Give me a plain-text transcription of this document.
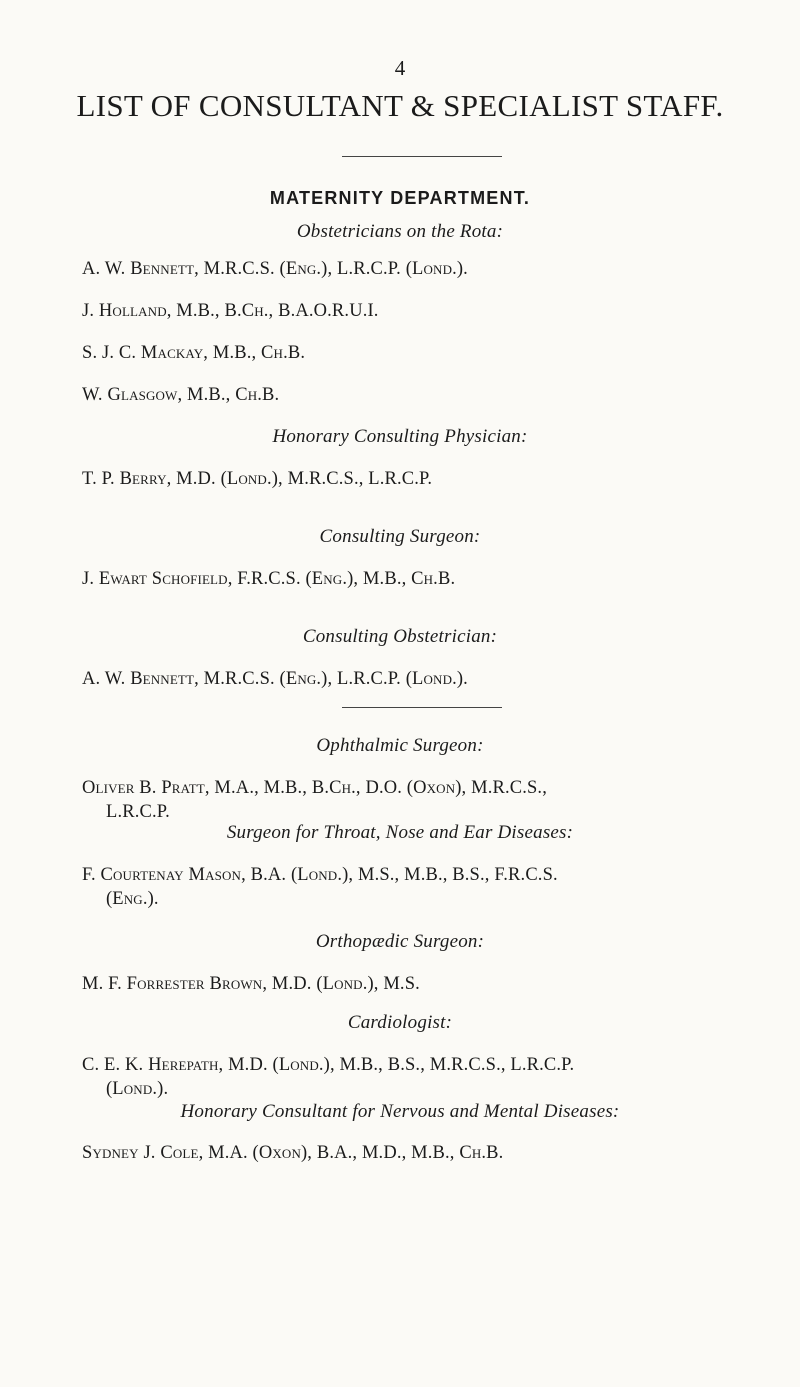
4
LIST OF CONSULTANT & SPECIALIST STAFF.
MATERNITY DEPARTMENT.
Obstetricians on the Rota:
A. W. Bennett, M.R.C.S. (Eng.), L.R.C.P. (Lond.).
J. Holland, M.B., B.Ch., B.A.O.R.U.I.
S. J. C. Mackay, M.B., Ch.B.
W. Glasgow, M.B., Ch.B.
Honorary Consulting Physician:
T. P. Berry, M.D. (Lond.), M.R.C.S., L.R.C.P.
Consulting Surgeon:
J. Ewart Schofield, F.R.C.S. (Eng.), M.B., Ch.B.
Consulting Obstetrician:
A. W. Bennett, M.R.C.S. (Eng.), L.R.C.P. (Lond.).
Ophthalmic Surgeon:
Oliver B. Pratt, M.A., M.B., B.Ch., D.O. (Oxon), M.R.C.S.,
L.R.C.P.
Surgeon for Throat, Nose and Ear Diseases:
F. Courtenay Mason, B.A. (Lond.), M.S., M.B., B.S., F.R.C.S.
(Eng.).
Orthopædic Surgeon:
M. F. Forrester Brown, M.D. (Lond.), M.S.
Cardiologist:
C. E. K. Herepath, M.D. (Lond.), M.B., B.S., M.R.C.S., L.R.C.P.
(Lond.).
Honorary Consultant for Nervous and Mental Diseases:
Sydney J. Cole, M.A. (Oxon), B.A., M.D., M.B., Ch.B.
